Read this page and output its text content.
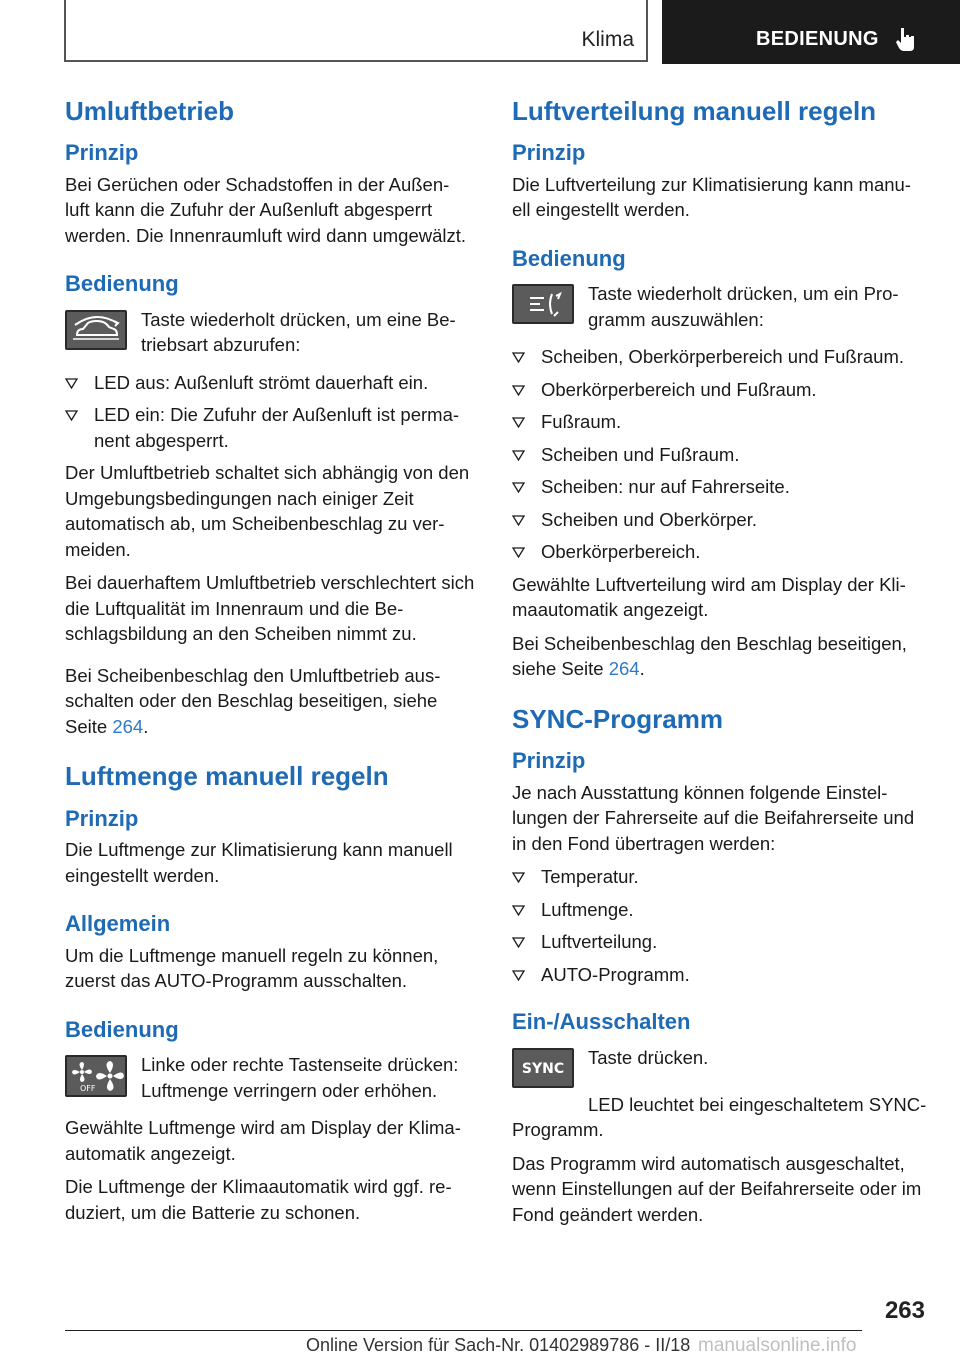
Klima	BEDIENUNG
Umluftbetrieb
Prinzip

Bei Gerüchen oder Schadstoffen in der Außen‐ luft kann die Zufuhr der Außenluft abgesperrt werden. Die Innenraumluft wird dann umgewälzt.

Bedienung
Taste wiederholt drücken, um eine Be‐ triebsart abzurufen:
LED aus: Außenluft strömt dauerhaft ein.
LED ein: Die Zufuhr der Außenluft ist perma‐ nent abgesperrt.

Der Umluftbetrieb schaltet sich abhängig von den Umgebungsbedingungen nach einiger Zeit automatisch ab, um Scheibenbeschlag zu ver‐ meiden.

Bei dauerhaftem Umluftbetrieb verschlechtert sich die Luftqualität im Innenraum und die Be‐ schlagsbildung an den Scheiben nimmt zu.

Bei Scheibenbeschlag den Umluftbetrieb aus‐ schalten oder den Beschlag beseitigen, siehe Seite 264.

Luftmenge manuell regeln
Prinzip

Die Luftmenge zur Klimatisierung kann manuell eingestellt werden.

Allgemein

Um die Luftmenge manuell regeln zu können, zuerst das AUTO-Programm ausschalten.

Bedienung
OFF
Linke oder rechte Tastenseite drücken: Luftmenge verringern oder erhöhen.

Gewählte Luftmenge wird am Display der Klima‐ automatik angezeigt.

Die Luftmenge der Klimaautomatik wird ggf. re‐ duziert, um die Batterie zu schonen.

Luftverteilung manuell regeln
Prinzip

Die Luftverteilung zur Klimatisierung kann manu‐ ell eingestellt werden.

Bedienung
Taste wiederholt drücken, um ein Pro‐ gramm auszuwählen:
Scheiben, Oberkörperbereich und Fußraum.
Oberkörperbereich und Fußraum.
Fußraum.
Scheiben und Fußraum.
Scheiben: nur auf Fahrerseite.
Scheiben und Oberkörper.
Oberkörperbereich.

Gewählte Luftverteilung wird am Display der Kli‐ maautomatik angezeigt.

Bei Scheibenbeschlag den Beschlag beseitigen, siehe Seite 264.

SYNC-Programm
Prinzip

Je nach Ausstattung können folgende Einstel‐ lungen der Fahrerseite auf die Beifahrerseite und in den Fond übertragen werden:

Temperatur.
Luftmenge.
Luftverteilung.
AUTO-Programm.
Ein-/Ausschalten
SYNC

Taste drücken.

LED leuchtet bei eingeschaltetem SYNC-Programm.

Das Programm wird automatisch ausgeschaltet, wenn Einstellungen auf der Beifahrerseite oder im Fond geändert werden.

263
Online Version für Sach-Nr. 01402989786 - II/18 manualsonline.info
